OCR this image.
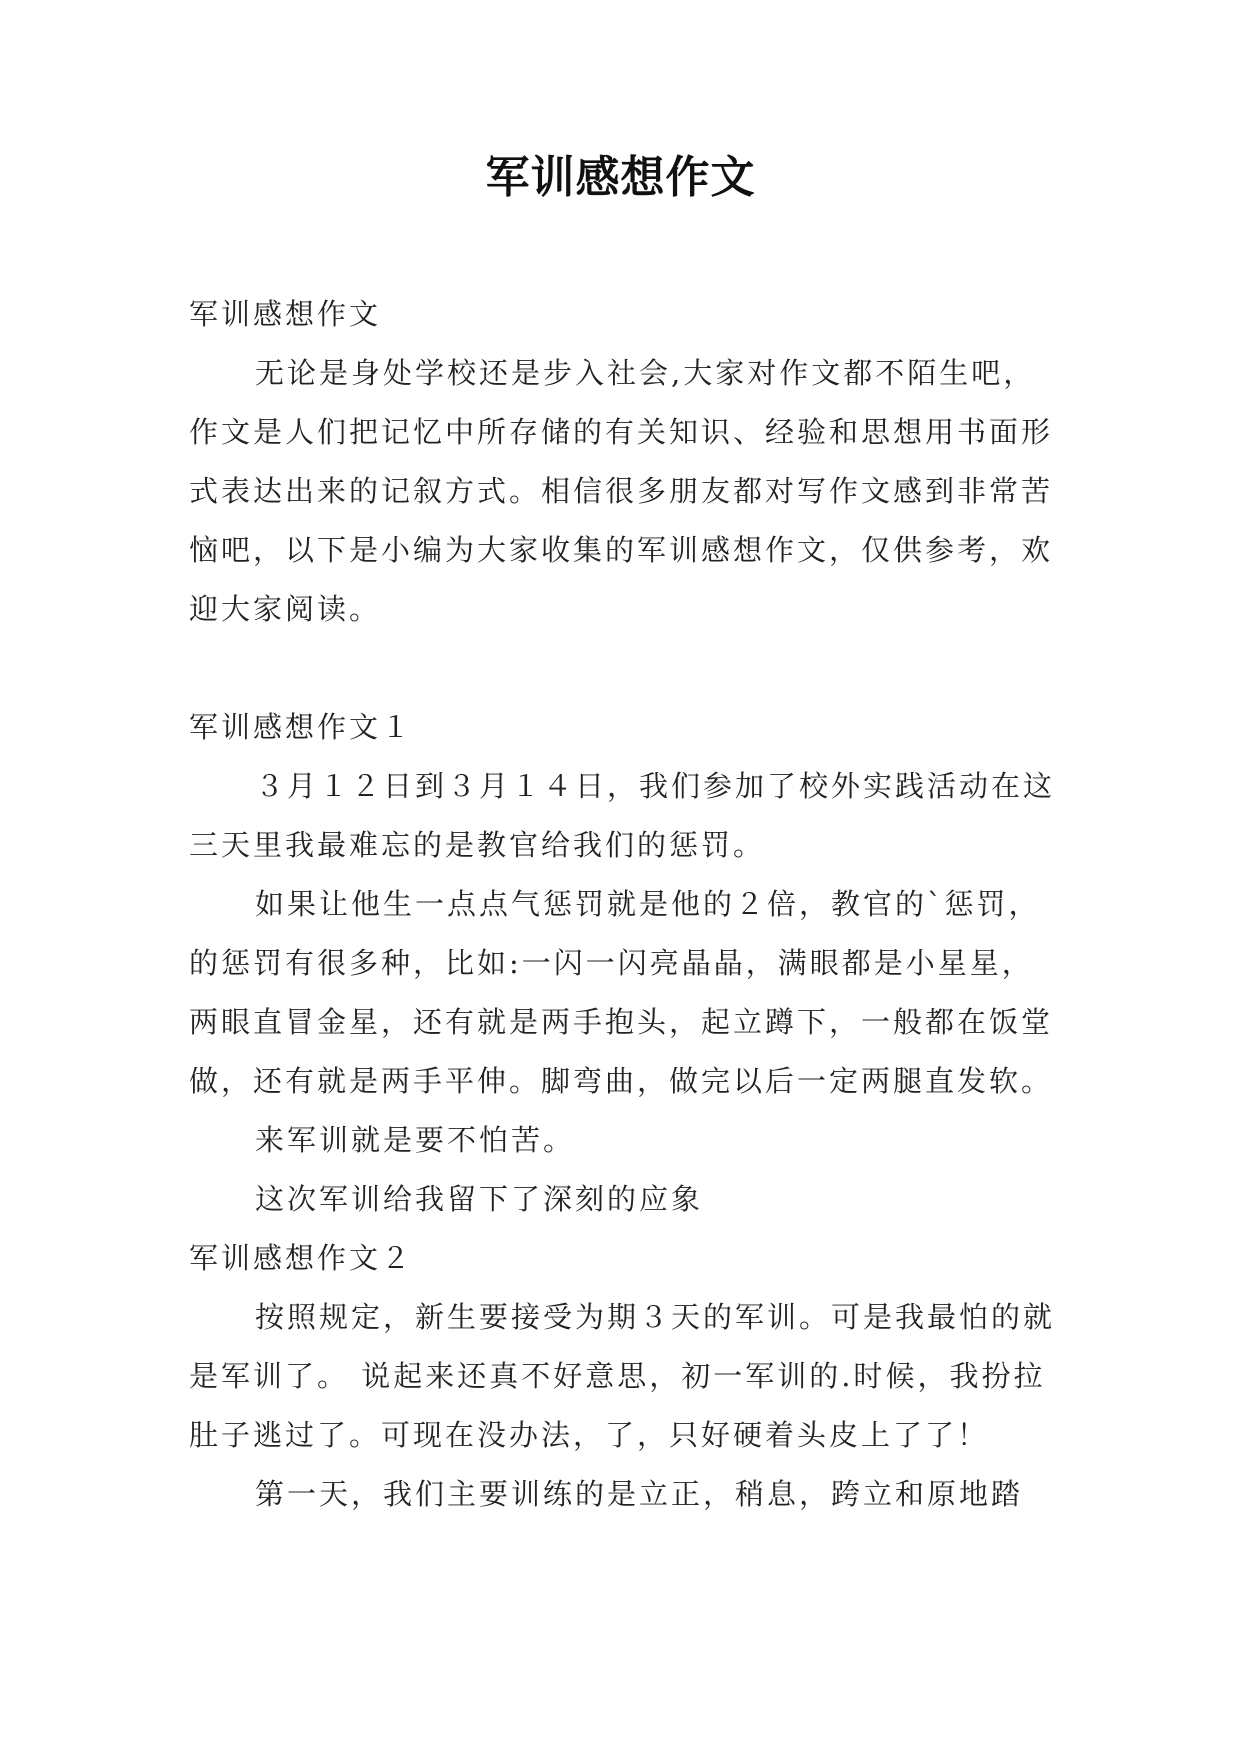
军训感想作文

军训感想作文

无论是身处学校还是步入社会,大家对作文都不陌生吧，作文是人们把记忆中所存储的有关知识、经验和思想用书面形式表达出来的记叙方式。相信很多朋友都对写作文感到非常苦恼吧，以下是小编为大家收集的军训感想作文，仅供参考，欢迎大家阅读。

军训感想作文１

３月１２日到３月１４日，我们参加了校外实践活动在这三天里我最难忘的是教官给我们的惩罚。

如果让他生一点点气惩罚就是他的２倍，教官的`惩罚，的惩罚有很多种，比如:一闪一闪亮晶晶，满眼都是小星星，两眼直冒金星，还有就是两手抱头，起立蹲下，一般都在饭堂做，还有就是两手平伸。脚弯曲，做完以后一定两腿直发软。

来军训就是要不怕苦。

这次军训给我留下了深刻的应象

军训感想作文２

按照规定，新生要接受为期３天的军训。可是我最怕的就是军训了。 说起来还真不好意思，初一军训的.时候，我扮拉肚子逃过了。可现在没办法，了，只好硬着头皮上了了！

第一天，我们主要训练的是立正，稍息，跨立和原地踏
